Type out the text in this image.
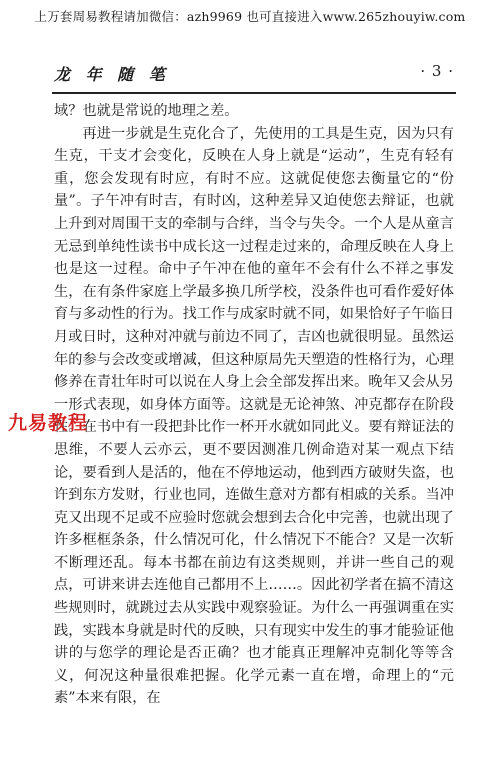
上万套周易教程请加微信：azh9969 也可直接进入www.265zhouyiw.com
龙 年 随 笔	· 3 ·

域？也就是常说的地理之差。

再进一步就是生克化合了，先使用的工具是生克，因为只有生克，干支才会变化，反映在人身上就是“运动”，生克有轻有重，您会发现有时应，有时不应。这就促使您去衡量它的“份量”。子午冲有时吉，有时凶，这种差异又迫使您去辩证，也就上升到对周围干支的牵制与合绊，当令与失令。一个人是从童言无忌到单纯性读书中成长这一过程走过来的，命理反映在人身上也是这一过程。命中子午冲在他的童年不会有什么不祥之事发生，在有条件家庭上学最多换几所学校，没条件也可看作爱好体育与多动性的行为。找工作与成家时就不同，如果恰好子午临日月或日时，这种对冲就与前边不同了，吉凶也就很明显。虽然运年的参与会改变或增减，但这种原局先天塑造的性格行为，心理修养在青壮年时可以说在人身上会全部发挥出来。晚年又会从另一形式表现，如身体方面等。这就是无论神煞、冲克都存在阶段性。在书中有一段把卦比作一杯开水就如同此义。要有辩证法的思维，不要人云亦云，更不要因测准几例命造对某一观点下结论，要看到人是活的，他在不停地运动，他到西方破财失盗，也许到东方发财，行业也同，连做生意对方都有相戚的关系。当冲克又出现不足或不应验时您就会想到去合化中完善，也就出现了许多框框条条，什么情况可化，什么情况下不能合？又是一次斩不断理还乱。每本书都在前边有这类规则，并讲一些自己的观点，可讲来讲去连他自己都用不上……。因此初学者在搞不清这些规则时，就跳过去从实践中观察验证。为什么一再强调重在实践，实践本身就是时代的反映，只有现实中发生的事才能验证他讲的与您学的理论是否正确？也才能真正理解冲克制化等等含义，何况这种量很难把握。化学元素一直在增，命理上的“元素”本来有限，在

九易教程
